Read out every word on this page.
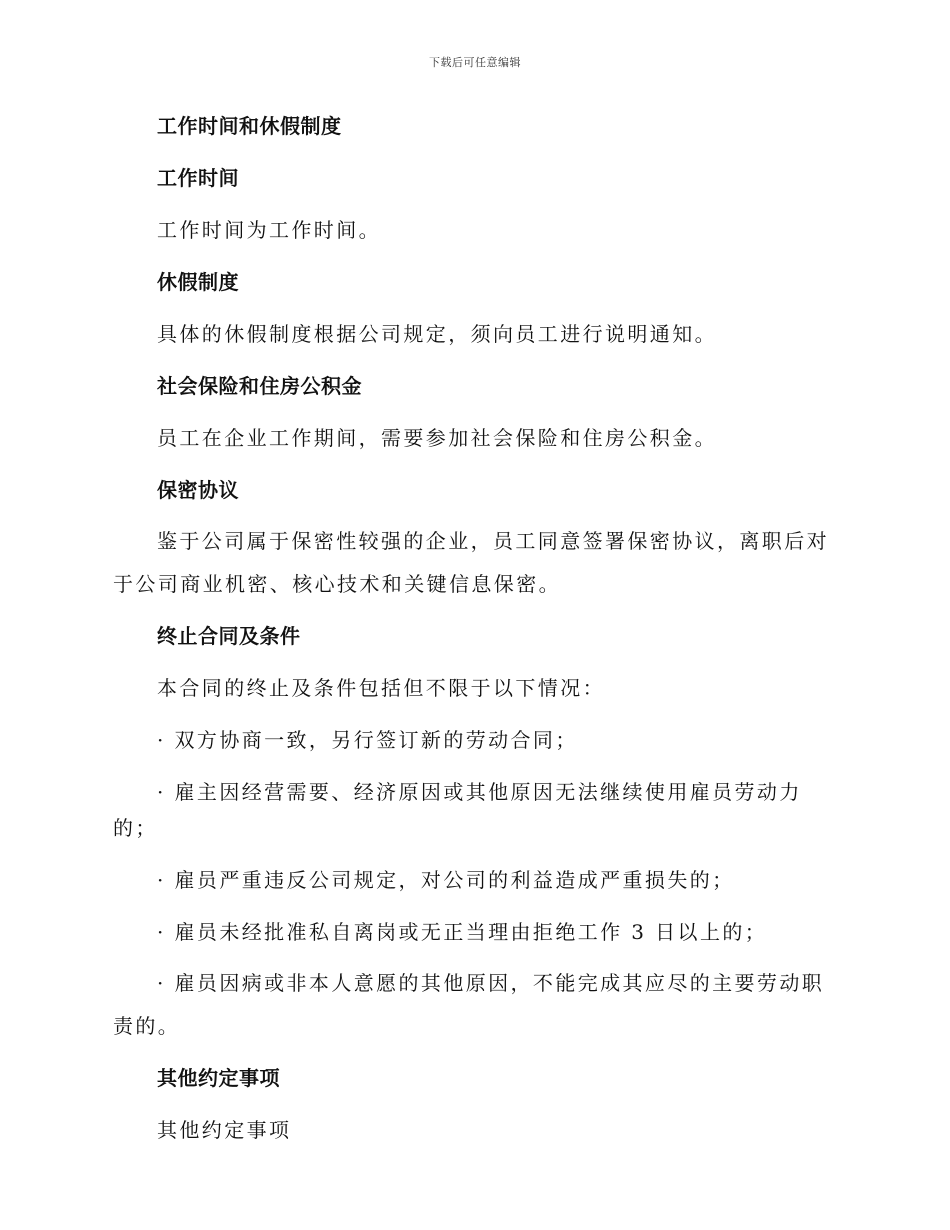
下载后可任意编辑
工作时间和休假制度
工作时间
工作时间为工作时间。
休假制度
具体的休假制度根据公司规定，须向员工进行说明通知。
社会保险和住房公积金
员工在企业工作期间，需要参加社会保险和住房公积金。
保密协议
鉴于公司属于保密性较强的企业，员工同意签署保密协议，离职后对于公司商业机密、核心技术和关键信息保密。
终止合同及条件
本合同的终止及条件包括但不限于以下情况：
· 双方协商一致，另行签订新的劳动合同；
· 雇主因经营需要、经济原因或其他原因无法继续使用雇员劳动力的；
· 雇员严重违反公司规定，对公司的利益造成严重损失的；
· 雇员未经批准私自离岗或无正当理由拒绝工作 3 日以上的；
· 雇员因病或非本人意愿的其他原因，不能完成其应尽的主要劳动职责的。
其他约定事项
其他约定事项
